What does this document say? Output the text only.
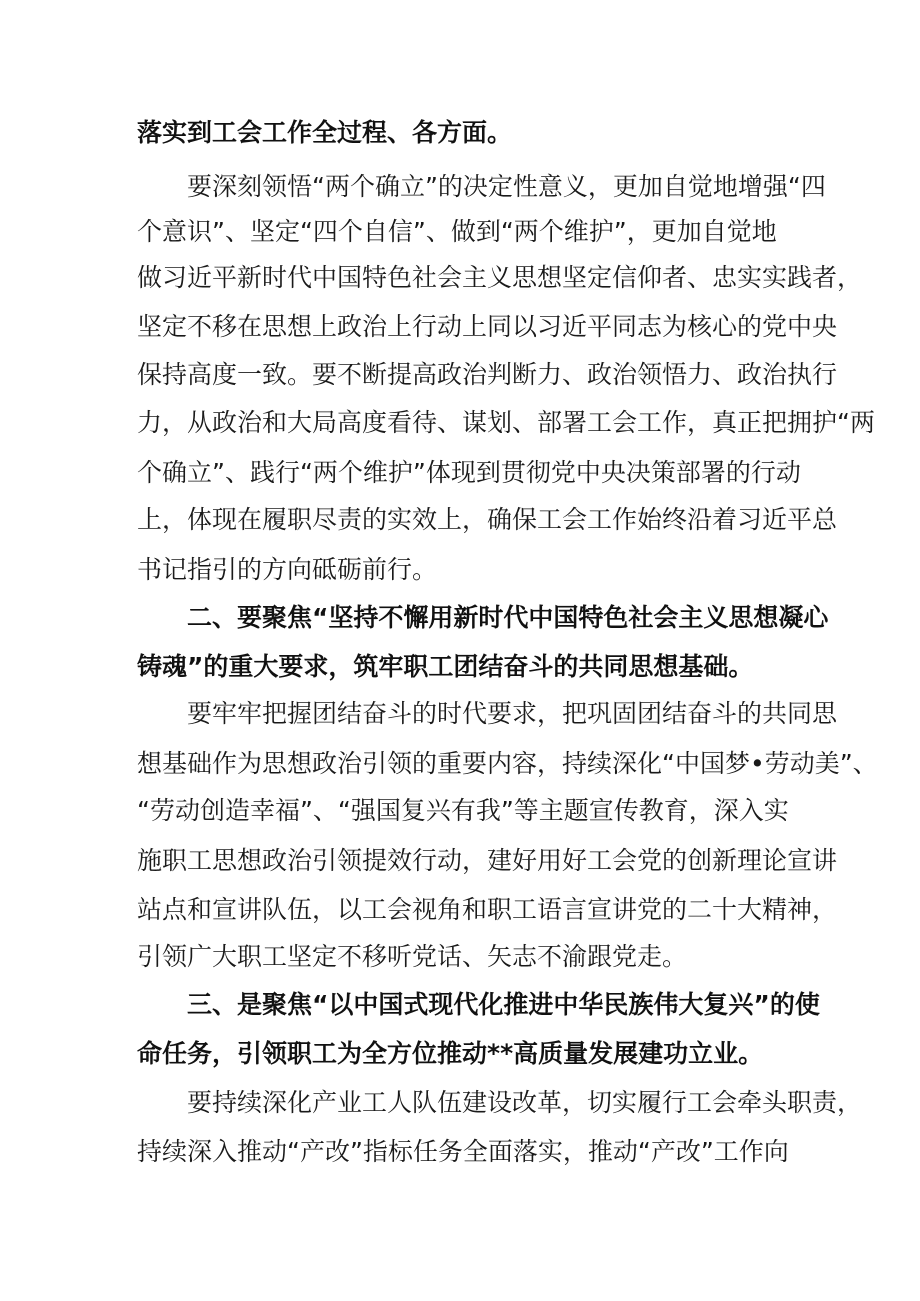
落实到工会工作全过程、各方面。
要深刻领悟“两个确立”的决定性意义，更加自觉地增强“四
个意识”、坚定“四个自信”、做到“两个维护”，更加自觉地
做习近平新时代中国特色社会主义思想坚定信仰者、忠实实践者，
坚定不移在思想上政治上行动上同以习近平同志为核心的党中央
保持高度一致。要不断提高政治判断力、政治领悟力、政治执行
力，从政治和大局高度看待、谋划、部署工会工作，真正把拥护“两
个确立”、践行“两个维护”体现到贯彻党中央决策部署的行动
上，体现在履职尽责的实效上，确保工会工作始终沿着习近平总
书记指引的方向砥砺前行。
二、要聚焦“坚持不懈用新时代中国特色社会主义思想凝心
铸魂”的重大要求，筑牢职工团结奋斗的共同思想基础。
要牢牢把握团结奋斗的时代要求，把巩固团结奋斗的共同思
想基础作为思想政治引领的重要内容，持续深化“中国梦•劳动美”、
“劳动创造幸福”、“强国复兴有我”等主题宣传教育，深入实
施职工思想政治引领提效行动，建好用好工会党的创新理论宣讲
站点和宣讲队伍，以工会视角和职工语言宣讲党的二十大精神，
引领广大职工坚定不移听党话、矢志不渝跟党走。
三、是聚焦“以中国式现代化推进中华民族伟大复兴”的使
命任务，引领职工为全方位推动**高质量发展建功立业。
要持续深化产业工人队伍建设改革，切实履行工会牵头职责，
持续深入推动“产改”指标任务全面落实，推动“产改”工作向
